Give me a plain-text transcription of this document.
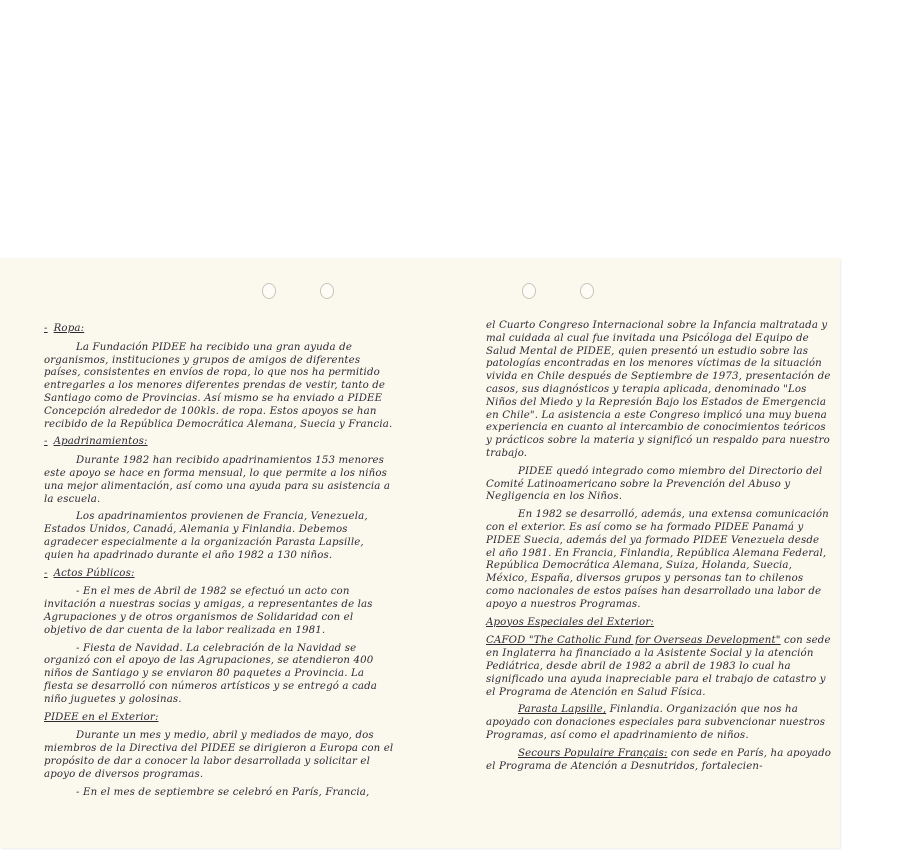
- Ropa:

La Fundación PIDEE ha recibido una gran ayuda de organismos, instituciones y grupos de amigos de diferentes países, consistentes en envíos de ropa, lo que nos ha permitido entregarles a los menores diferentes prendas de vestir, tanto de Santiago como de Provincias. Así mismo se ha enviado a PIDEE Concepción alrededor de 100kls. de ropa. Estos apoyos se han recibido de la República Democrática Alemana, Suecia y Francia.

- Apadrinamientos:

Durante 1982 han recibido apadrinamientos 153 menores este apoyo se hace en forma mensual, lo que permite a los niños una mejor alimentación, así como una ayuda para su asistencia a la escuela.

Los apadrinamientos provienen de Francia, Venezuela, Estados Unidos, Canadá, Alemania y Finlandia. Debemos agradecer especialmente a la organización Parasta Lapsille, quien ha apadrinado durante el año 1982 a 130 niños.

- Actos Públicos:

- En el mes de Abril de 1982 se efectuó un acto con invitación a nuestras socias y amigas, a representantes de las Agrupaciones y de otros organismos de Solidaridad con el objetivo de dar cuenta de la labor realizada en 1981.

- Fiesta de Navidad. La celebración de la Navidad se organizó con el apoyo de las Agrupaciones, se atendieron 400 niños de Santiago y se enviaron 80 paquetes a Provincia. La fiesta se desarrolló con números artísticos y se entregó a cada niño juguetes y golosinas.

PIDEE en el Exterior:

Durante un mes y medio, abril y mediados de mayo, dos miembros de la Directiva del PIDEE se dirigieron a Europa con el propósito de dar a conocer la labor desarrollada y solicitar el apoyo de diversos programas.

- En el mes de septiembre se celebró en París, Francia,

el Cuarto Congreso Internacional sobre la Infancia maltratada y mal cuidada al cual fue invitada una Psicóloga del Equipo de Salud Mental de PIDEE, quien presentó un estudio sobre las patologías encontradas en los menores víctimas de la situación vivida en Chile después de Septiembre de 1973, presentación de casos, sus diagnósticos y terapia aplicada, denominado "Los Niños del Miedo y la Represión Bajo los Estados de Emergencia en Chile". La asistencia a este Congreso implicó una muy buena experiencia en cuanto al intercambio de conocimientos teóricos y prácticos sobre la materia y significó un respaldo para nuestro trabajo.

PIDEE quedó integrado como miembro del Directorio del Comité Latinoamericano sobre la Prevención del Abuso y Negligencia en los Niños.

En 1982 se desarrolló, además, una extensa comunicación con el exterior. Es así como se ha formado PIDEE Panamá y PIDEE Suecia, además del ya formado PIDEE Venezuela desde el año 1981. En Francia, Finlandia, República Alemana Federal, República Democrática Alemana, Suiza, Holanda, Suecia, México, España, diversos grupos y personas tan to chilenos como nacionales de estos países han desarrollado una labor de apoyo a nuestros Programas.

Apoyos Especiales del Exterior:

CAFOD "The Catholic Fund for Overseas Development" con sede en Inglaterra ha financiado a la Asistente Social y la atención Pediátrica, desde abril de 1982 a abril de 1983 lo cual ha significado una ayuda inapreciable para el trabajo de catastro y el Programa de Atención en Salud Física.

Parasta Lapsille, Finlandia. Organización que nos ha apoyado con donaciones especiales para subvencionar nuestros Programas, así como el apadrinamiento de niños.

Secours Populaire Français: con sede en París, ha apoyado el Programa de Atención a Desnutridos, fortalecien-
